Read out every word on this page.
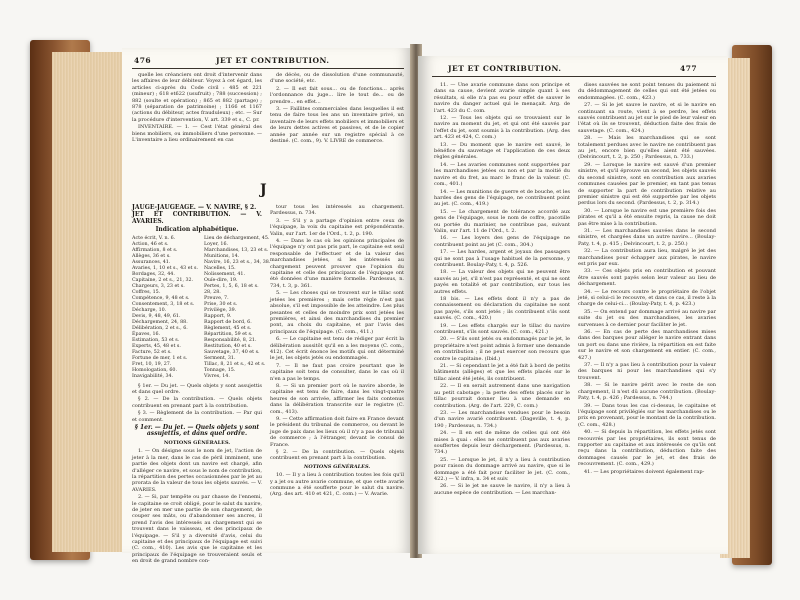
476	JET ET CONTRIBUTION.

quelle les créanciers ont droit d'intervenir dans les affaires de leur débiteur. Voyez à cet égard, les articles ci-après du Code civil : 485 et 221 (mineur) ; 618 et622 (usufruit) ; 788 (succession) ; 882 (soulte et opération) ; 865 et 882 (partage) ; 878 (séparation de patrimoine) ; 1166 et 1167 (actions du débiteur, actes frauduleux) ; etc. — Sur la procédure d'intervention, V. art. 339 et s., C. pr.

INVENTAIRE. — 1. — Cest l'état général des biens mobiliers, ou immobiliers d'une personne. — L'inventaire a lieu ordinairement en cas

de décès, ou de dissolution d'une communauté, d'une société, etc.

2. — Il est fait sous... ou de fonctions... après l'ordonnance du juge... lire le tout de... ou de prendre... en effet...

3. — Faillites commerciales dans lesquelles il est tenu de faire tous les ans un inventaire privé, un inventaire de leurs effets mobiliers et immobiliers et de leurs dettes actives et passives, et de le copier année par année sur un registre spécial à ce destiné. (C. com., 9). V. LIVRE de commerce.

J
JAUGE-JAUGEAGE. — V. NAVIRE, § 2.
JET ET CONTRIBUTION. — V. AVARIES.
Indication alphabétique.
Acte écrit, V. n. 6.	Lieu de déchargement, 45.
Action, 46 et s.	Loyer, 16.
Affirmation, 8 et s.	Marchandises, 13, 23 et s.
Allèges, 36 et s.	Munitions, 14.
Assurances, 41.	Navire, 16, 23 et s., 34, 38.
Avaries, 1, 10 et s., 43 et s. Nacelles, 15.
Bordages, 32, 44.	Nolissement, 41.
Capitaine, 2 et s., 21, 32.	Ouïe-dire, 19.
Chargeurs, 3, 23 et s.	Pertes, 1, 5, 6, 18 et s.
Coffres, 15.	28, 28.
Compétence, 9, 48 et s.	Preuve, 7.
Consentement, 3, 18 et s.	Prise, 30 et s.
Décharge, 10.	Privilège, 39.
Devis, 9, 48, 49, 61.	Rapport, 9.
Déchargement, 24, 88.	Rapport de bord, 6.
Délibération, 2 et s., 6.	Règlement, 45 et s.
Épaves, 16.	Répartition, 59 et s.
Estimation, 53 et s.	Responsabilité, 8, 21.
Experts, 45, 48 et s.	Restitution, 40 et s.
Facture, 52 et s.	Sauvetage, 37, 40 et s.
Fortune de mer, 1 et s.	Serment, 31.
Fret, 10, 19, 27.	Tillac, 8, 21 et s., 42 et s.
Homologation, 60.	Tonnage, 15.
Inavigabilité, 34.	Vivres, 14.

§ 1er. — Du jet. — Quels objets y sont assujettis et dans quel ordre.

§ 2. — De la contribution. — Quels objets contribuent en prenant part à la contribution.

§ 3. — Règlement de la contribution. — Par qui et comment.

§ 1er. — Du jet. — Quels objets y sont assujettis, et dans quel ordre.
NOTIONS GÉNÉRALES.

1. — On désigne sous le nom de jet, l'action de jeter à la mer, dans le cas de péril imminent, une partie des objets dont un navire est chargé, afin d'alléger ce navire, et sous le nom de contribution, la répartition des pertes occasionnées par le jet au prorata de la valeur de tous les objets sauvés. — V. AVARIES.

2. — Si, par tempête ou par chasse de l'ennemi, le capitaine se croit obligé, pour le salut du navire, de jeter en mer une partie de son chargement, de couper ses mâts, ou d'abandonner ses ancres, il prend l'avis des intéressés au chargement qui se trouvent dans le vaisseau, et des principaux de l'équipage. — S'il y a diversité d'avis, celui du capitaine et des principaux de l'équipage est suivi (C. com., 410). Les avis que le capitaine et les principaux de l'équipage se trouveraient seuls et en droit de grand nombre con-

tour tous les intéressés au chargement. Pardessus, n. 734.

3. — S'il y a partage d'opinion entre ceux de l'équipage, la voix du capitaine est prépondérante. Valin, sur l'art. 1er de l'Ord., t. 2, p. 190.

4. — Dans le cas où les opinions principales de l'équipage n'y ont pas pris part, le capitaine est seul responsable de l'effectuer et de la valeur des marchandises jetées, si les intéressés au chargement peuvent prouver que l'opinion du capitaine et celle des principaux de l'équipage ont été données d'une manière formelle. Pardessus, n. 734, t. 3, p. 361.

5. — Les choses qui se trouvent sur le tillac sont jetées les premières ; mais cette règle n'est pas absolue, s'il est impossible de les atteindre. Les plus pesantes et celles de moindre prix sont jetées les premières, et ainsi des marchandises du premier pont, au choix du capitaine, et par l'avis des principaux de l'équipage. (C. com., 411.)

6. — Le capitaine est tenu de rédiger par écrit la délibération aussitôt qu'il en a les moyens (C. com., 412). Cet écrit énonce les motifs qui ont déterminé le jet, les objets jetés ou endommagés.

7. — Il ne faut pas croire pourtant que le capitaine soit tenu de consulter, dans le cas où il n'en a pas le temps.

8. — Si un premier port où le navire aborde, le capitaine est tenu de faire, dans les vingt-quatre heures de son arrivée, affirmer les faits contenus dans la délibération transcrite sur le registre (C. com., 413).

9. — Cette affirmation doit faire en France devant le président du tribunal de commerce, ou devant le juge de paix dans les lieux où il n'y a pas de tribunal de commerce ; à l'étranger, devant le consul de France.

§ 2. — De la contribution. — Quels objets contribuent en prenant part à la contribution.

NOTIONS GÉNÉRALES.

10. — Il y a lieu à contribution toutes les fois qu'il y a jet ou autre avarie commune, et que cette avarie commune a été soufferte pour le salut du navire. (Arg. des art. 410 et 421, C. com.) — V. Avarie.

JET ET CONTRIBUTION.	477

11. — Une avarie commune dans son principe et dans sa cause, devient avarie simple quant à ses résultats, si elle n'a pas eu pour effet de sauver le navire du danger actuel qui le menaçait. Arg. de l'art. 423 du C. com.

12. — Tous les objets qui se trouvaient sur le navire au moment du jet, et qui ont été sauvés par l'effet du jet, sont soumis à la contribution. (Arg. des art. 423 et 424, C. com.)

13. — Du moment que le navire est sauvé, le bénéfice du sauvetage et l'application de ces deux règles générales.

14. — Les avaries communes sont supportées par les marchandises jetées ou non et par la moitié du navire et du fret, au marc le franc de la valeur. (C. com., 401.)

14. — Les munitions de guerre et de bouche, et les hardes des gens de l'équipage, ne contribuent point au jet. (C. com., 419.)

15. — Le chargement de tolérance accordé aux gens de l'équipage, sous le nom de coffre, pacotille ou portée du marinier, ne contribue pas, suivant Valin, sur l'art. 11 de l'Ord., t. 2.

16. — Les loyers des gens de l'équipage ne contribuent point au jet (C. com., 304.)

17. — Les hardes, argent et joyaux des passagers qui ne sont pas à l'usage habituel de la personne, y contribuent. Boulay-Paty, t. 4, p. 526.

18. — La valeur des objets qui ne peuvent être sauvés au jet, s'il n'est pas représenté, et qui ne sont payés en totalité et par contribution, sur tous les autres effets.

18 bis. — Les effets dont il n'y a pas de connaissement ou déclaration du capitaine ne sont pas payés, s'ils sont jetés ; ils contribuent s'ils sont sauvés. (C. com., 420.)

19. — Les effets chargés sur le tillac du navire contribuent, s'ils sont sauvés. (C. com., 421.)

20. — S'ils sont jetés ou endommagés par le jet, le propriétaire n'est point admis à former une demande en contribution ; il ne peut exercer son recours que contre le capitaine. (Ibid.)

21. — Si cependant le jet a été fait à bord de petits bâtiments (allèges) et que les effets placés sur le tillac aient été jetés, ils contribuent.

22. — Il en serait autrement dans une navigation au petit cabotage ; la perte des effets placés sur le tillac pourrait donner lieu à une demande en contribution. (Arg. de l'art. 229, C. com.)

23. — Les marchandises vendues pour le besoin d'un navire avarié contribuent. (Dageville, t. 4, p. 190 ; Pardessus, n. 734.)

24. — Il en est de même de celles qui ont été mises à quai : elles ne contribuent pas aux avaries souffertes depuis leur déchargement. (Pardessus, n. 734.)

25. — Lorsque le jet, il n'y a lieu à contribution pour raison du dommage arrivé au navire, que si le dommage a été fait pour faciliter le jet. (C. com., 422.) — V. infra, n. 34 et suiv.

26. — Si le jet ne sauve le navire, il n'y a lieu à aucune espèce de contribution. — Les marchan-

dises sauvées ne sont point tenues du paiement ni du dédommagement de celles qui ont été jetées ou endommagées. (C. com., 423.)

27. — Si le jet sauve le navire, et si le navire en continuant sa route, vient à se perdre, les effets sauvés contribuent au jet sur le pied de leur valeur en l'état où ils se trouvent, déduction faite des frais de sauvetage. (C. com., 424.)

28. — Mais les marchandises qui se sont totalement perdues avec le navire ne contribuent pas au jet, encore bien qu'elles aient été sauvées. (Delvincourt, t. 2, p. 250 ; Pardessus, n. 733.)

29. — Lorsque le navire est sauvé d'un premier sinistre, et qu'il éprouve un second, les objets sauvés du second sinistre, sont en contribution aux avaries communes causées par le premier, en tant pas tenus de supporter la part de contribution relative au premier sinistre qui est été supportée par les objets perdus lors du second. (Pardessus, t. 2, p. 314.)

30. — Lorsque le navire est une première fois des pirates et qu'il a été ensuite repris, la cause ne doit pas être mise à la contribution.

31. — Les marchandises sauvées dans le second sinistre, et chargées dans un autre navire... (Boulay-Paty, t. 4, p. 415 ; Delvincourt, t. 2, p. 250.)

32. — La contribution aura lieu, malgré le jet des marchandises pour échapper aux pirates, le navire est pris par eux.

33. — Ces objets pris en contribution et pouvant être sauvés sont payés selon leur valeur au lieu de déchargement.

34. — Le recours contre le propriétaire de l'objet jeté, si celui-ci le recouvre, et dans ce cas, il reste à la charge de celui-ci... (Boulay-Paty, t. 4, p. 423.)

35. — On entend par dommage arrivé au navire par suite du jet ou des marchandises, les avaries survenues à ce dernier pour faciliter le jet.

36. — En cas de perte des marchandises mises dans des barques pour alléger le navire entrant dans un port ou dans une rivière, la répartition en est faite sur le navire et son chargement en entier. (C. com., 427.)

37. — Il n'y a pas lieu à contribution pour la valeur des barques ni pour les marchandises qui s'y trouvent.

38. — Si le navire périt avec le reste de son chargement, il n'est dû aucune contribution. (Boulay-Paty, t. 4, p. 426 ; Pardessus, n. 744.)

39. — Dans tous les cas ci-dessus, le capitaine et l'équipage sont privilégiés sur les marchandises ou le prix en provenant, pour le montant de la contribution. (C. com., 428.)

40. — Si depuis la répartition, les effets jetés sont recouvrés par les propriétaires, ils sont tenus de rapporter au capitaine et aux intéressés ce qu'ils ont reçu dans la contribution, déduction faite des dommages causés par le jet, et des frais de recouvrement. (C. com., 429.)

41. — Les propriétaires doivent également rap-
